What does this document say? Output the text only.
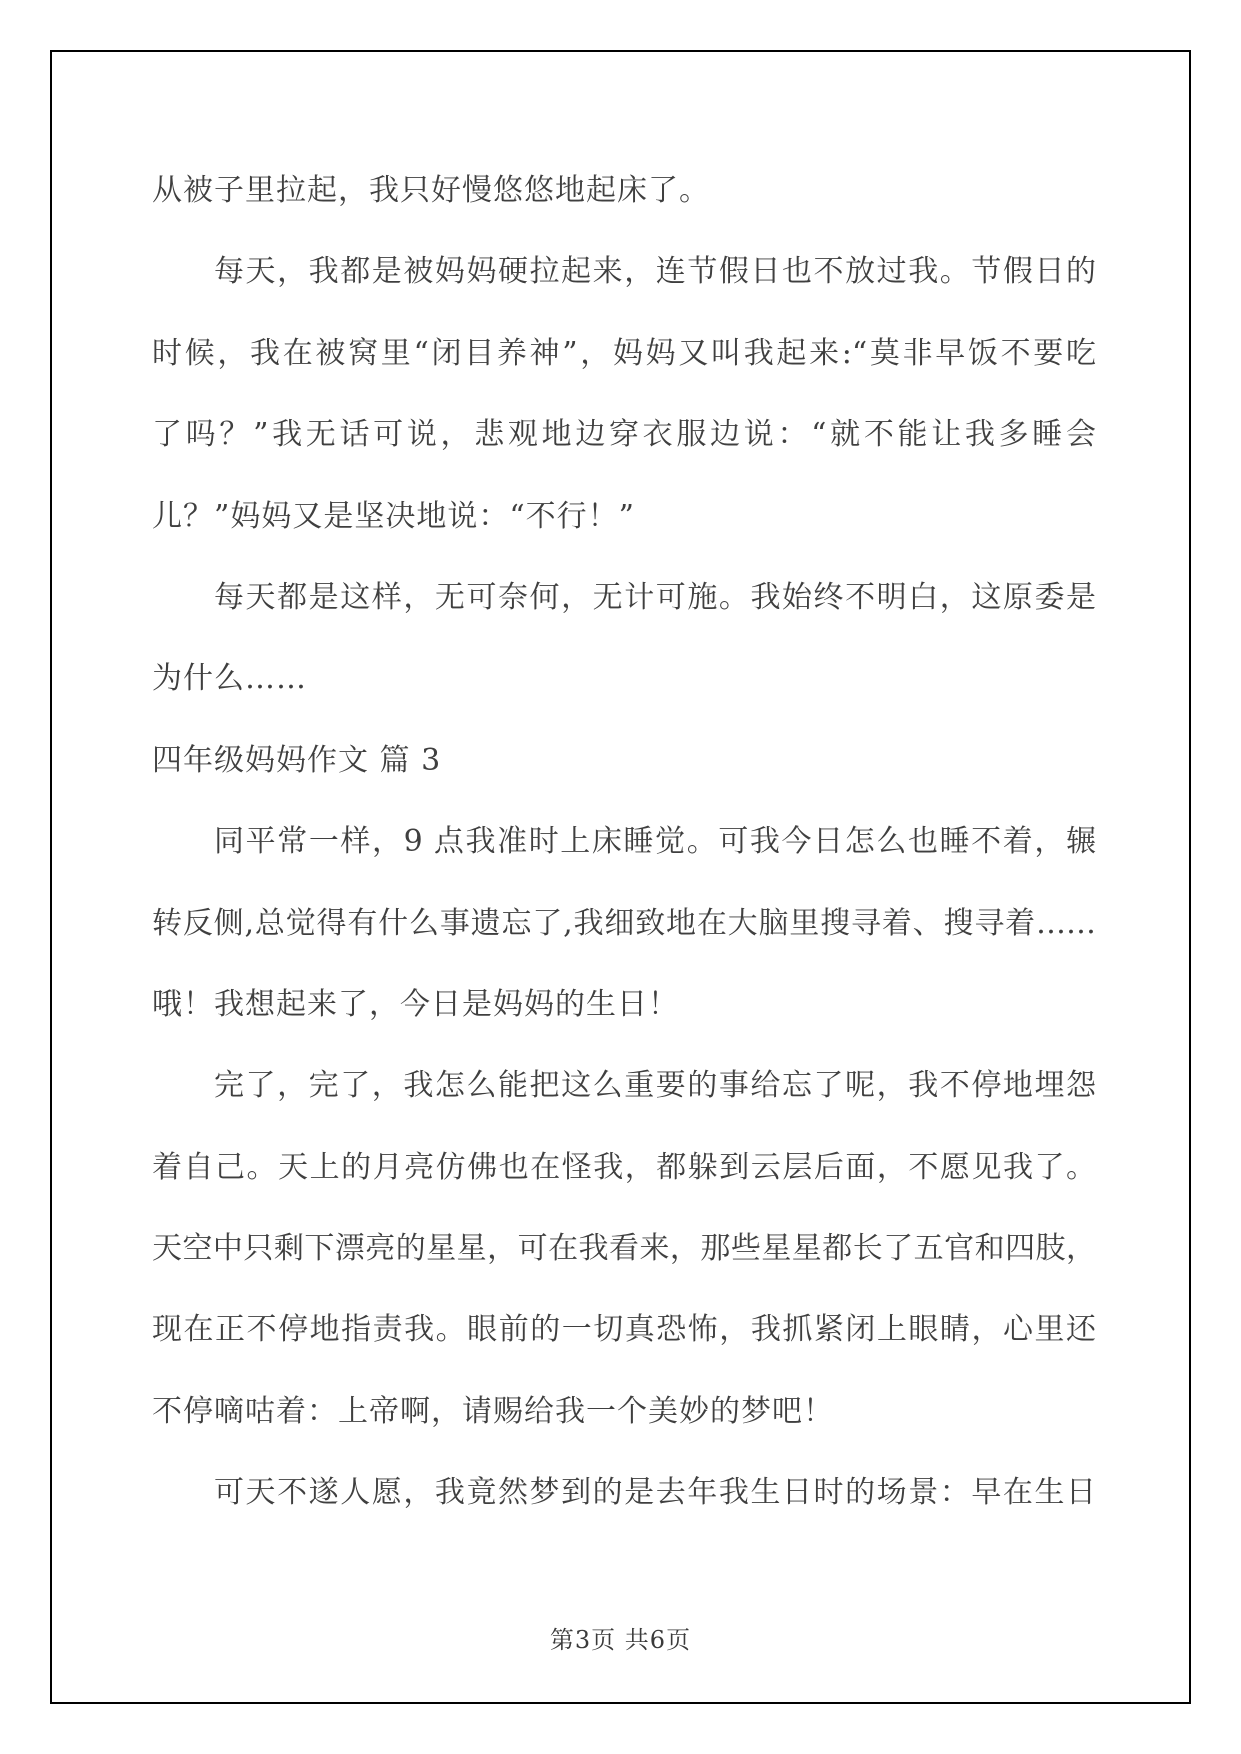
从被子里拉起，我只好慢悠悠地起床了。
每天，我都是被妈妈硬拉起来，连节假日也不放过我。节假日的
时候，我在被窝里“闭目养神”，妈妈又叫我起来:“莫非早饭不要吃
了吗？”我无话可说，悲观地边穿衣服边说：“就不能让我多睡会
儿？”妈妈又是坚决地说：“不行！”
每天都是这样，无可奈何，无计可施。我始终不明白，这原委是
为什么……
四年级妈妈作文 篇 3
同平常一样，9 点我准时上床睡觉。可我今日怎么也睡不着，辗
转反侧,总觉得有什么事遗忘了,我细致地在大脑里搜寻着、搜寻着……
哦！我想起来了，今日是妈妈的生日！
完了，完了，我怎么能把这么重要的事给忘了呢，我不停地埋怨
着自己。天上的月亮仿佛也在怪我，都躲到云层后面，不愿见我了。
天空中只剩下漂亮的星星，可在我看来，那些星星都长了五官和四肢，
现在正不停地指责我。眼前的一切真恐怖，我抓紧闭上眼睛，心里还
不停嘀咕着：上帝啊，请赐给我一个美妙的梦吧！
可天不遂人愿，我竟然梦到的是去年我生日时的场景：早在生日
第3页 共6页
